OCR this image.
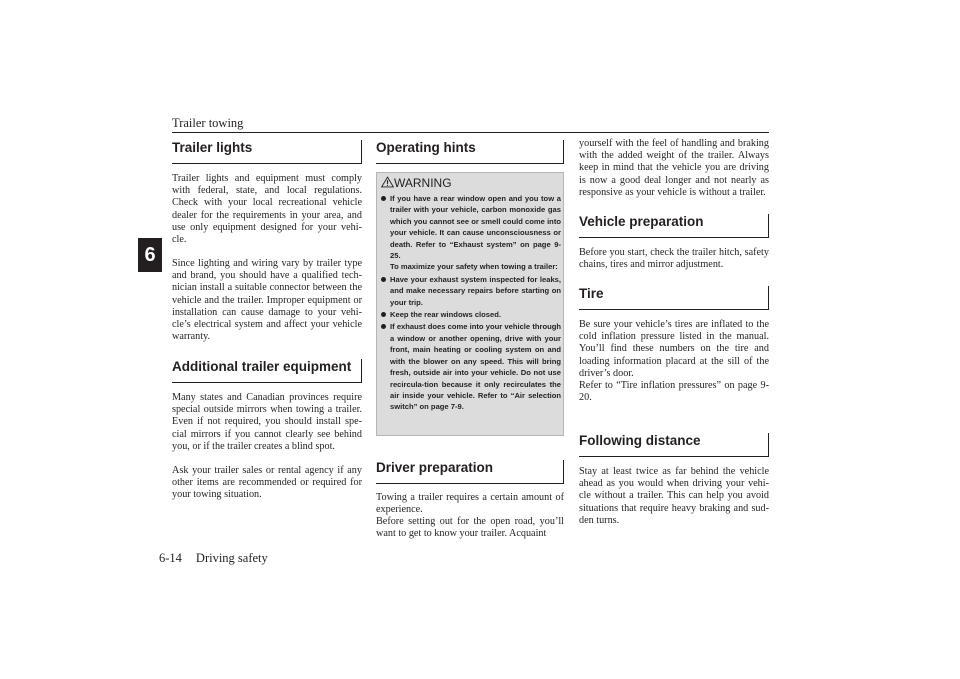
Trailer towing
6
Trailer lights
Trailer lights and equipment must comply with federal, state, and local regulations. Check with your local recreational vehicle dealer for the requirements in your area, and use only equipment designed for your vehi-cle.
Since lighting and wiring vary by trailer type and brand, you should have a qualified tech-nician install a suitable connector between the vehicle and the trailer. Improper equipment or installation can cause damage to your vehi-cle’s electrical system and affect your vehicle warranty.
Additional trailer equipment
Many states and Canadian provinces require special outside mirrors when towing a trailer. Even if not required, you should install spe-cial mirrors if you cannot clearly see behind you, or if the trailer creates a blind spot.
Ask your trailer sales or rental agency if any other items are recommended or required for your towing situation.
Operating hints
WARNING
If you have a rear window open and you tow a trailer with your vehicle, carbon monoxide gas which you cannot see or smell could come into your vehicle. It can cause unconsciousness or death. Refer to “Exhaust system” on page 9-25.
To maximize your safety when towing a trailer:
Have your exhaust system inspected for leaks, and make necessary repairs before starting on your trip.
Keep the rear windows closed.
If exhaust does come into your vehicle through a window or another opening, drive with your front, main heating or cooling system on and with the blower on any speed. This will bring fresh, outside air into your vehicle. Do not use recircula-tion because it only recirculates the air inside your vehicle. Refer to “Air selection switch” on page 7-9.
Driver preparation
Towing a trailer requires a certain amount of experience.
Before setting out for the open road, you’ll want to get to know your trailer. Acquaint
yourself with the feel of handling and braking with the added weight of the trailer. Always keep in mind that the vehicle you are driving is now a good deal longer and not nearly as responsive as your vehicle is without a trailer.
Vehicle preparation
Before you start, check the trailer hitch, safety chains, tires and mirror adjustment.
Tire
Be sure your vehicle’s tires are inflated to the cold inflation pressure listed in the manual. You’ll find these numbers on the tire and loading information placard at the sill of the driver’s door.
Refer to “Tire inflation pressures” on page 9-20.
Following distance
Stay at least twice as far behind the vehicle ahead as you would when driving your vehi-cle without a trailer. This can help you avoid situations that require heavy braking and sud-den turns.
6-14 Driving safety
